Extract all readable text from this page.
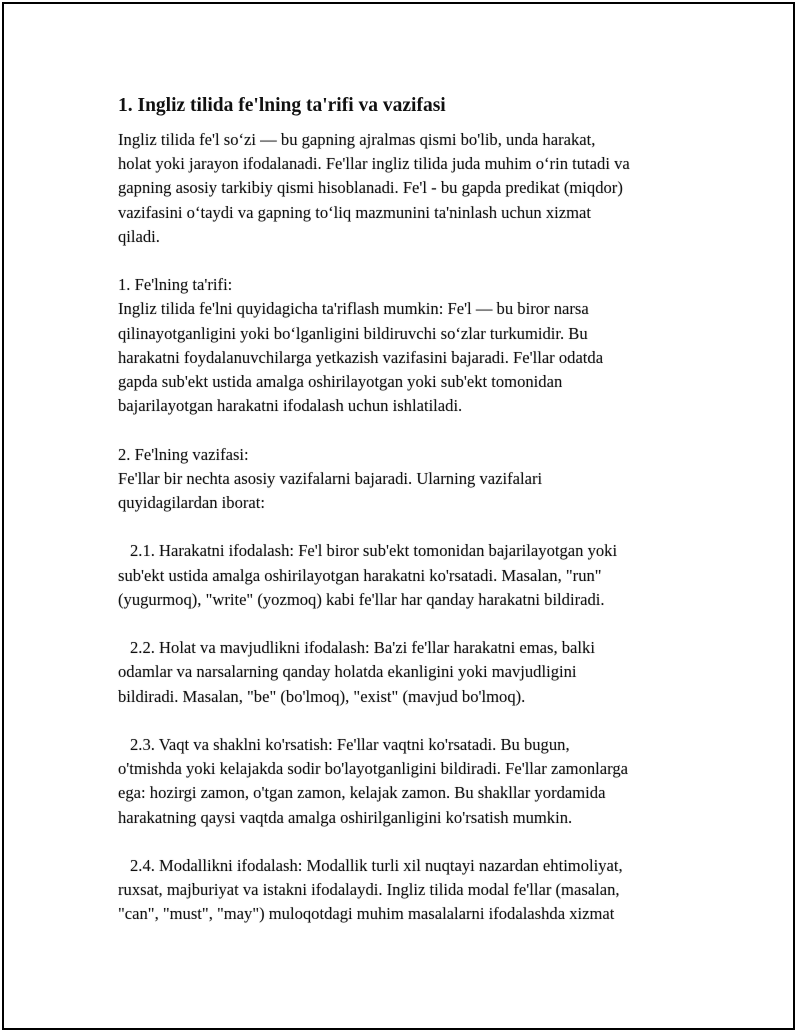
1. Ingliz tilida fe'lning ta'rifi va vazifasi

Ingliz tilida fe'l so‘zi — bu gapning ajralmas qismi bo'lib, unda harakat,
holat yoki jarayon ifodalanadi. Fe'llar ingliz tilida juda muhim o‘rin tutadi va
gapning asosiy tarkibiy qismi hisoblanadi. Fe'l - bu gapda predikat (miqdor)
vazifasini o‘taydi va gapning to‘liq mazmunini ta'ninlash uchun xizmat
qiladi.

1. Fe'lning ta'rifi:
Ingliz tilida fe'lni quyidagicha ta'riflash mumkin: Fe'l — bu biror narsa
qilinayotganligini yoki bo‘lganligini bildiruvchi so‘zlar turkumidir. Bu
harakatni foydalanuvchilarga yetkazish vazifasini bajaradi. Fe'llar odatda
gapda sub'ekt ustida amalga oshirilayotgan yoki sub'ekt tomonidan
bajarilayotgan harakatni ifodalash uchun ishlatiladi.

2. Fe'lning vazifasi:
Fe'llar bir nechta asosiy vazifalarni bajaradi. Ularning vazifalari
quyidagilardan iborat:

2.1. Harakatni ifodalash: Fe'l biror sub'ekt tomonidan bajarilayotgan yoki
sub'ekt ustida amalga oshirilayotgan harakatni ko'rsatadi. Masalan, "run"
(yugurmoq), "write" (yozmoq) kabi fe'llar har qanday harakatni bildiradi.

2.2. Holat va mavjudlikni ifodalash: Ba'zi fe'llar harakatni emas, balki
odamlar va narsalarning qanday holatda ekanligini yoki mavjudligini
bildiradi. Masalan, "be" (bo'lmoq), "exist" (mavjud bo'lmoq).

2.3. Vaqt va shaklni ko'rsatish: Fe'llar vaqtni ko'rsatadi. Bu bugun,
o'tmishda yoki kelajakda sodir bo'layotganligini bildiradi. Fe'llar zamonlarga
ega: hozirgi zamon, o'tgan zamon, kelajak zamon. Bu shakllar yordamida
harakatning qaysi vaqtda amalga oshirilganligini ko'rsatish mumkin.

2.4. Modallikni ifodalash: Modallik turli xil nuqtayi nazardan ehtimoliyat,
ruxsat, majburiyat va istakni ifodalaydi. Ingliz tilida modal fe'llar (masalan,
"can", "must", "may") muloqotdagi muhim masalalarni ifodalashda xizmat
